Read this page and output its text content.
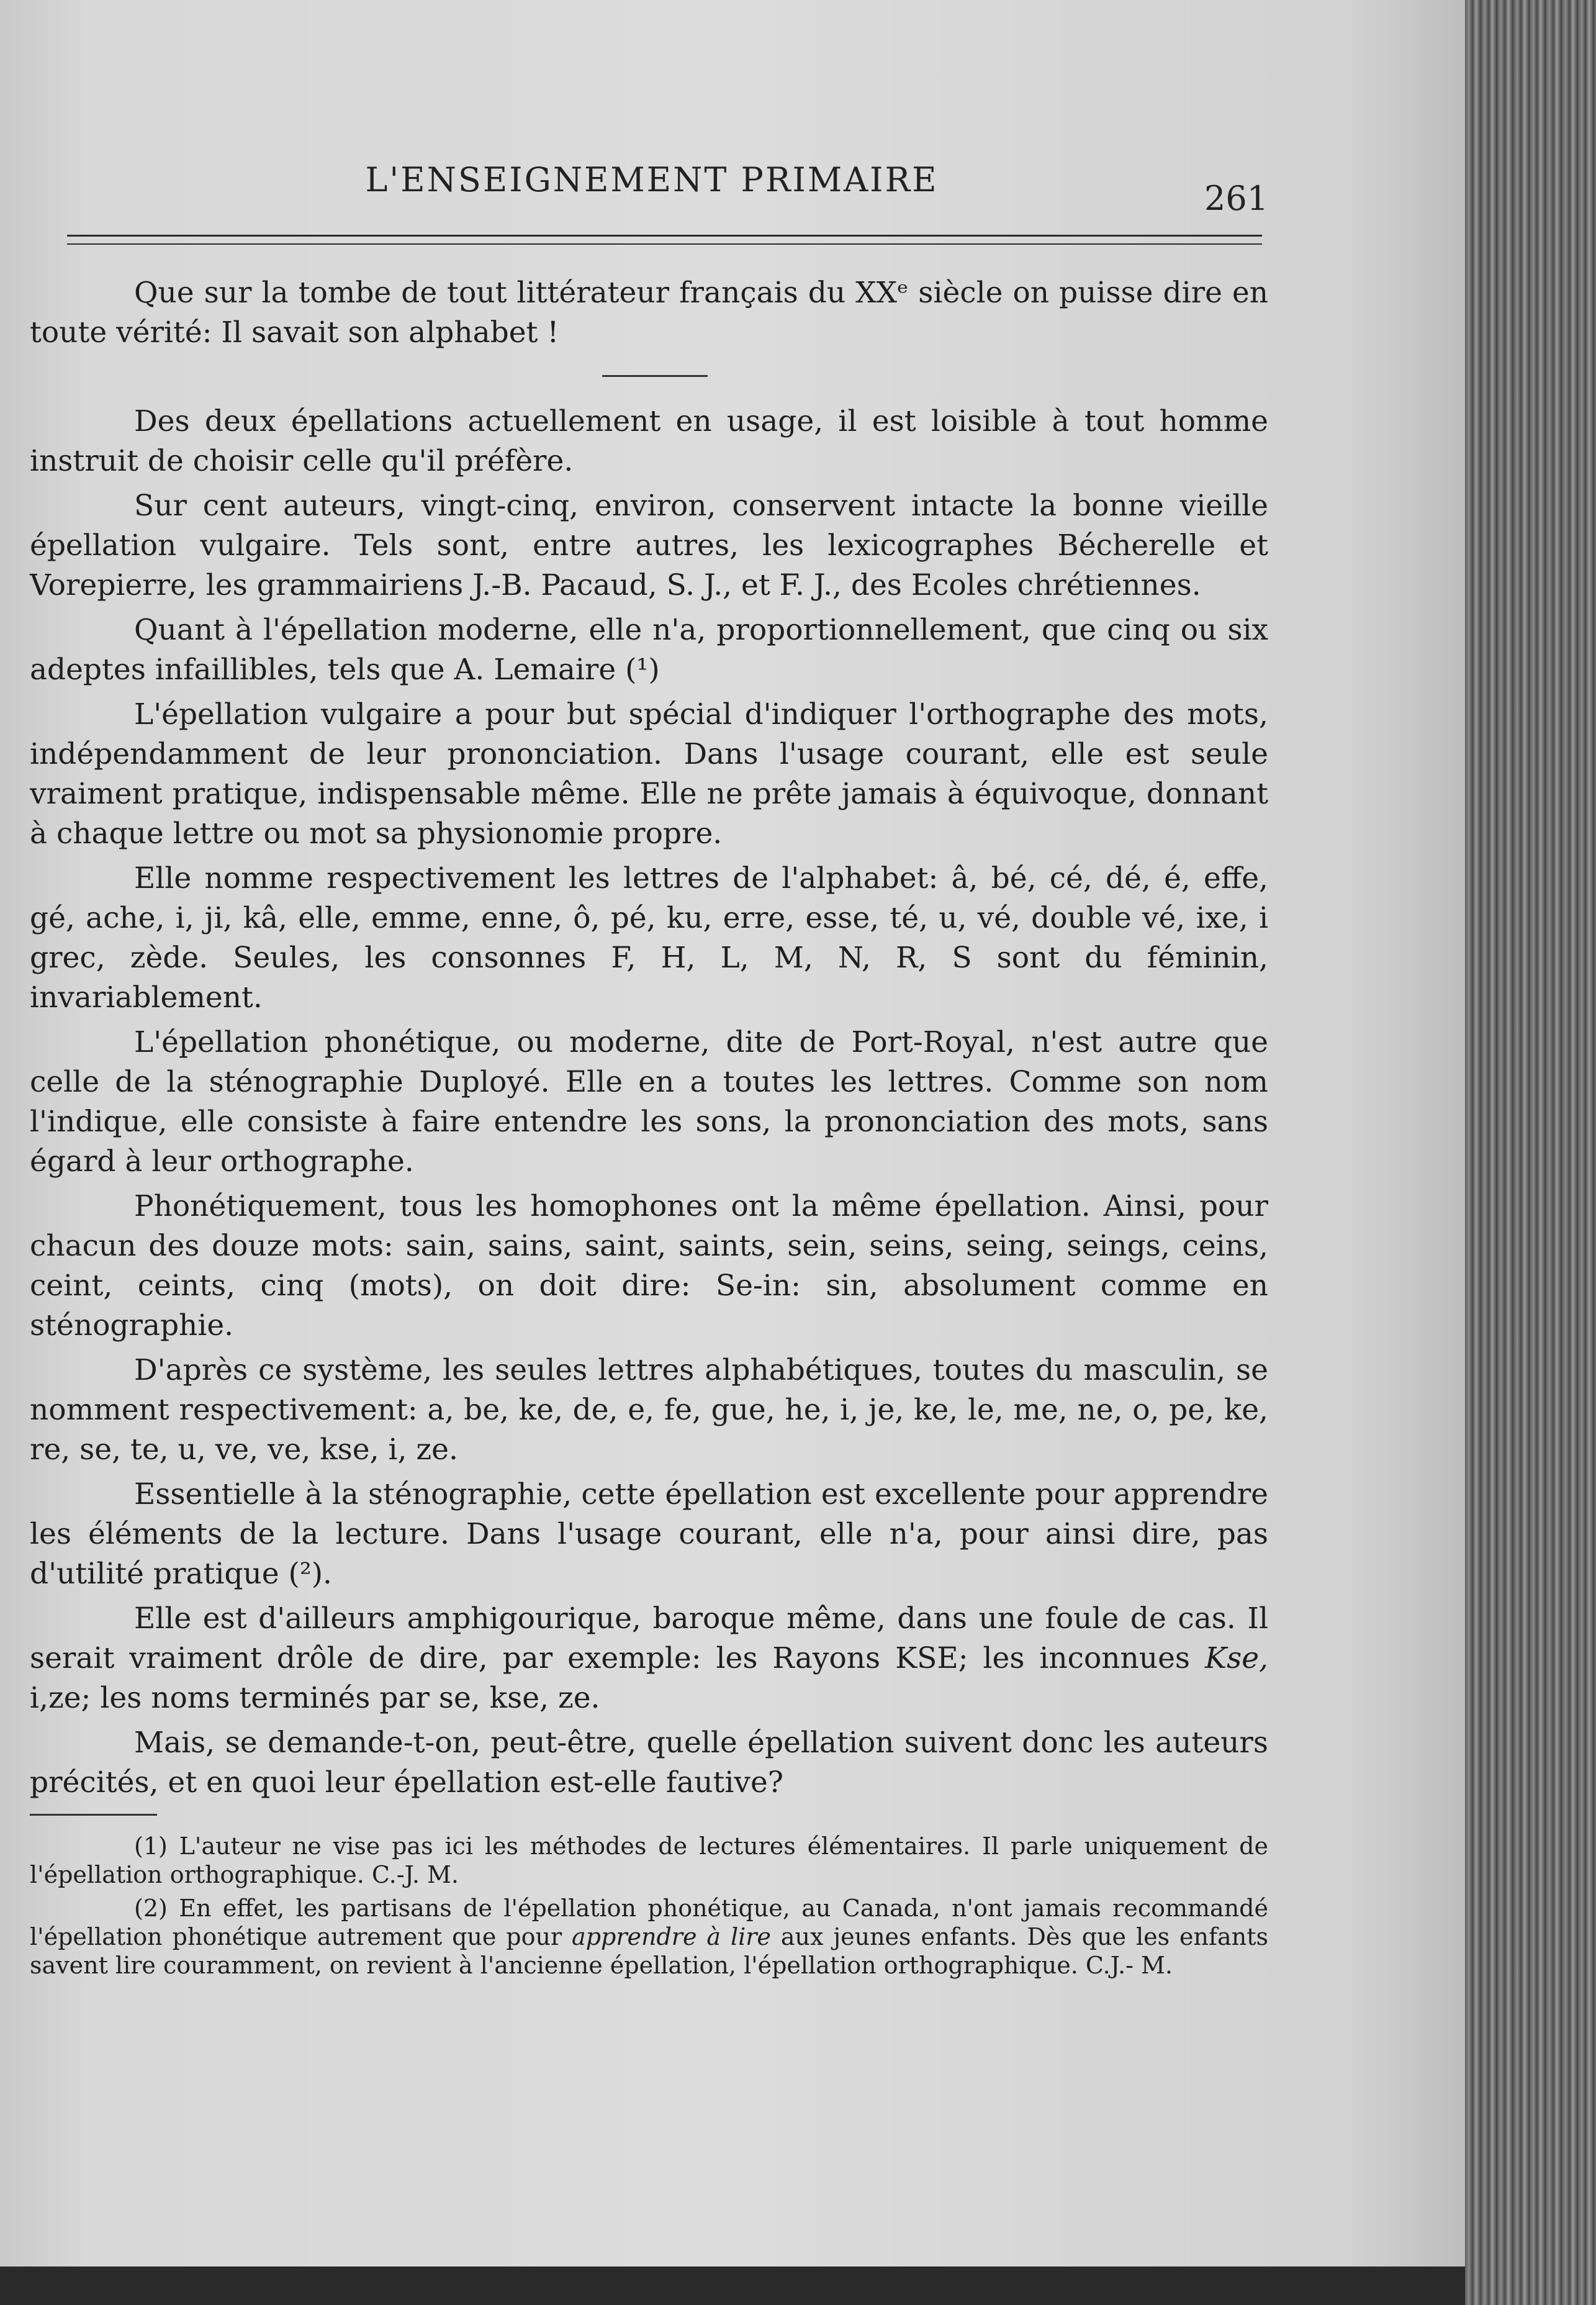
L'ENSEIGNEMENT PRIMAIRE	261

Que sur la tombe de tout littérateur français du XXᵉ siècle on puisse dire en toute vérité: Il savait son alphabet !

Des deux épellations actuellement en usage, il est loisible à tout homme instruit de choisir celle qu'il préfère.

Sur cent auteurs, vingt-cinq, environ, conservent intacte la bonne vieille épellation vulgaire. Tels sont, entre autres, les lexicographes Bécherelle et Vorepierre, les grammairiens J.-B. Pacaud, S. J., et F. J., des Ecoles chrétiennes.

Quant à l'épellation moderne, elle n'a, proportionnellement, que cinq ou six adeptes infaillibles, tels que A. Lemaire (¹)

L'épellation vulgaire a pour but spécial d'indiquer l'orthographe des mots, indépendamment de leur prononciation. Dans l'usage courant, elle est seule vraiment pratique, indispensable même. Elle ne prête jamais à équivoque, donnant à chaque lettre ou mot sa physionomie propre.

Elle nomme respectivement les lettres de l'alphabet: â, bé, cé, dé, é, effe, gé, ache, i, ji, kâ, elle, emme, enne, ô, pé, ku, erre, esse, té, u, vé, double vé, ixe, i grec, zède. Seules, les consonnes F, H, L, M, N, R, S sont du féminin, invariablement.

L'épellation phonétique, ou moderne, dite de Port-Royal, n'est autre que celle de la sténographie Duployé. Elle en a toutes les lettres. Comme son nom l'indique, elle consiste à faire entendre les sons, la prononciation des mots, sans égard à leur orthographe.

Phonétiquement, tous les homophones ont la même épellation. Ainsi, pour chacun des douze mots: sain, sains, saint, saints, sein, seins, seing, seings, ceins, ceint, ceints, cinq (mots), on doit dire: Se-in: sin, absolument comme en sténographie.

D'après ce système, les seules lettres alphabétiques, toutes du masculin, se nomment respectivement: a, be, ke, de, e, fe, gue, he, i, je, ke, le, me, ne, o, pe, ke, re, se, te, u, ve, ve, kse, i, ze.

Essentielle à la sténographie, cette épellation est excellente pour apprendre les éléments de la lecture. Dans l'usage courant, elle n'a, pour ainsi dire, pas d'utilité pratique (²).

Elle est d'ailleurs amphigourique, baroque même, dans une foule de cas. Il serait vraiment drôle de dire, par exemple: les Rayons KSE; les inconnues Kse, i,ze; les noms terminés par se, kse, ze.

Mais, se demande-t-on, peut-être, quelle épellation suivent donc les auteurs précités, et en quoi leur épellation est-elle fautive?

(1) L'auteur ne vise pas ici les méthodes de lectures élémentaires. Il parle uniquement de l'épellation orthographique. C.-J. M.

(2) En effet, les partisans de l'épellation phonétique, au Canada, n'ont jamais recommandé l'épellation phonétique autrement que pour apprendre à lire aux jeunes enfants. Dès que les enfants savent lire couramment, on revient à l'ancienne épellation, l'épellation orthographique. C.J.- M.
